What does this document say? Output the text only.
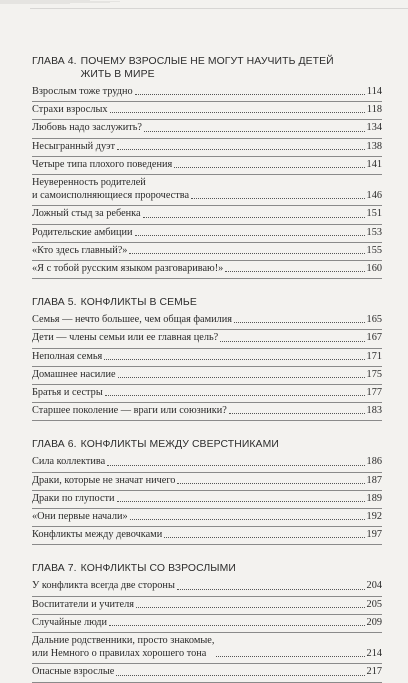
ГЛАВА 4. ПОЧЕМУ ВЗРОСЛЫЕ НЕ МОГУТ НАУЧИТЬ ДЕТЕЙ
ЖИТЬ В МИРЕ
Взрослым тоже трудно	114
Страхи взрослых	118
Любовь надо заслужить?	134
Несыгранный дуэт	138
Четыре типа плохого поведения	141
Неуверенность родителей
и самоисполняющиеся пророчества	146
Ложный стыд за ребенка	151
Родительские амбиции	153
«Кто здесь главный?»	155
«Я с тобой русским языком разговариваю!»	160
ГЛАВА 5. КОНФЛИКТЫ В СЕМЬЕ
Семья — нечто большее, чем общая фамилия	165
Дети — члены семьи или ее главная цель?	167
Неполная семья	171
Домашнее насилие	175
Братья и сестры	177
Старшее поколение — враги или союзники?	183
ГЛАВА 6. КОНФЛИКТЫ МЕЖДУ СВЕРСТНИКАМИ
Сила коллектива	186
Драки, которые не значат ничего	187
Драки по глупости	189
«Они первые начали»	192
Конфликты между девочками	197
ГЛАВА 7. КОНФЛИКТЫ СО ВЗРОСЛЫМИ
У конфликта всегда две стороны	204
Воспитатели и учителя	205
Случайные люди	209
Дальние родственники, просто знакомые,
или Немного о правилах хорошего тона	214
Опасные взрослые	217
